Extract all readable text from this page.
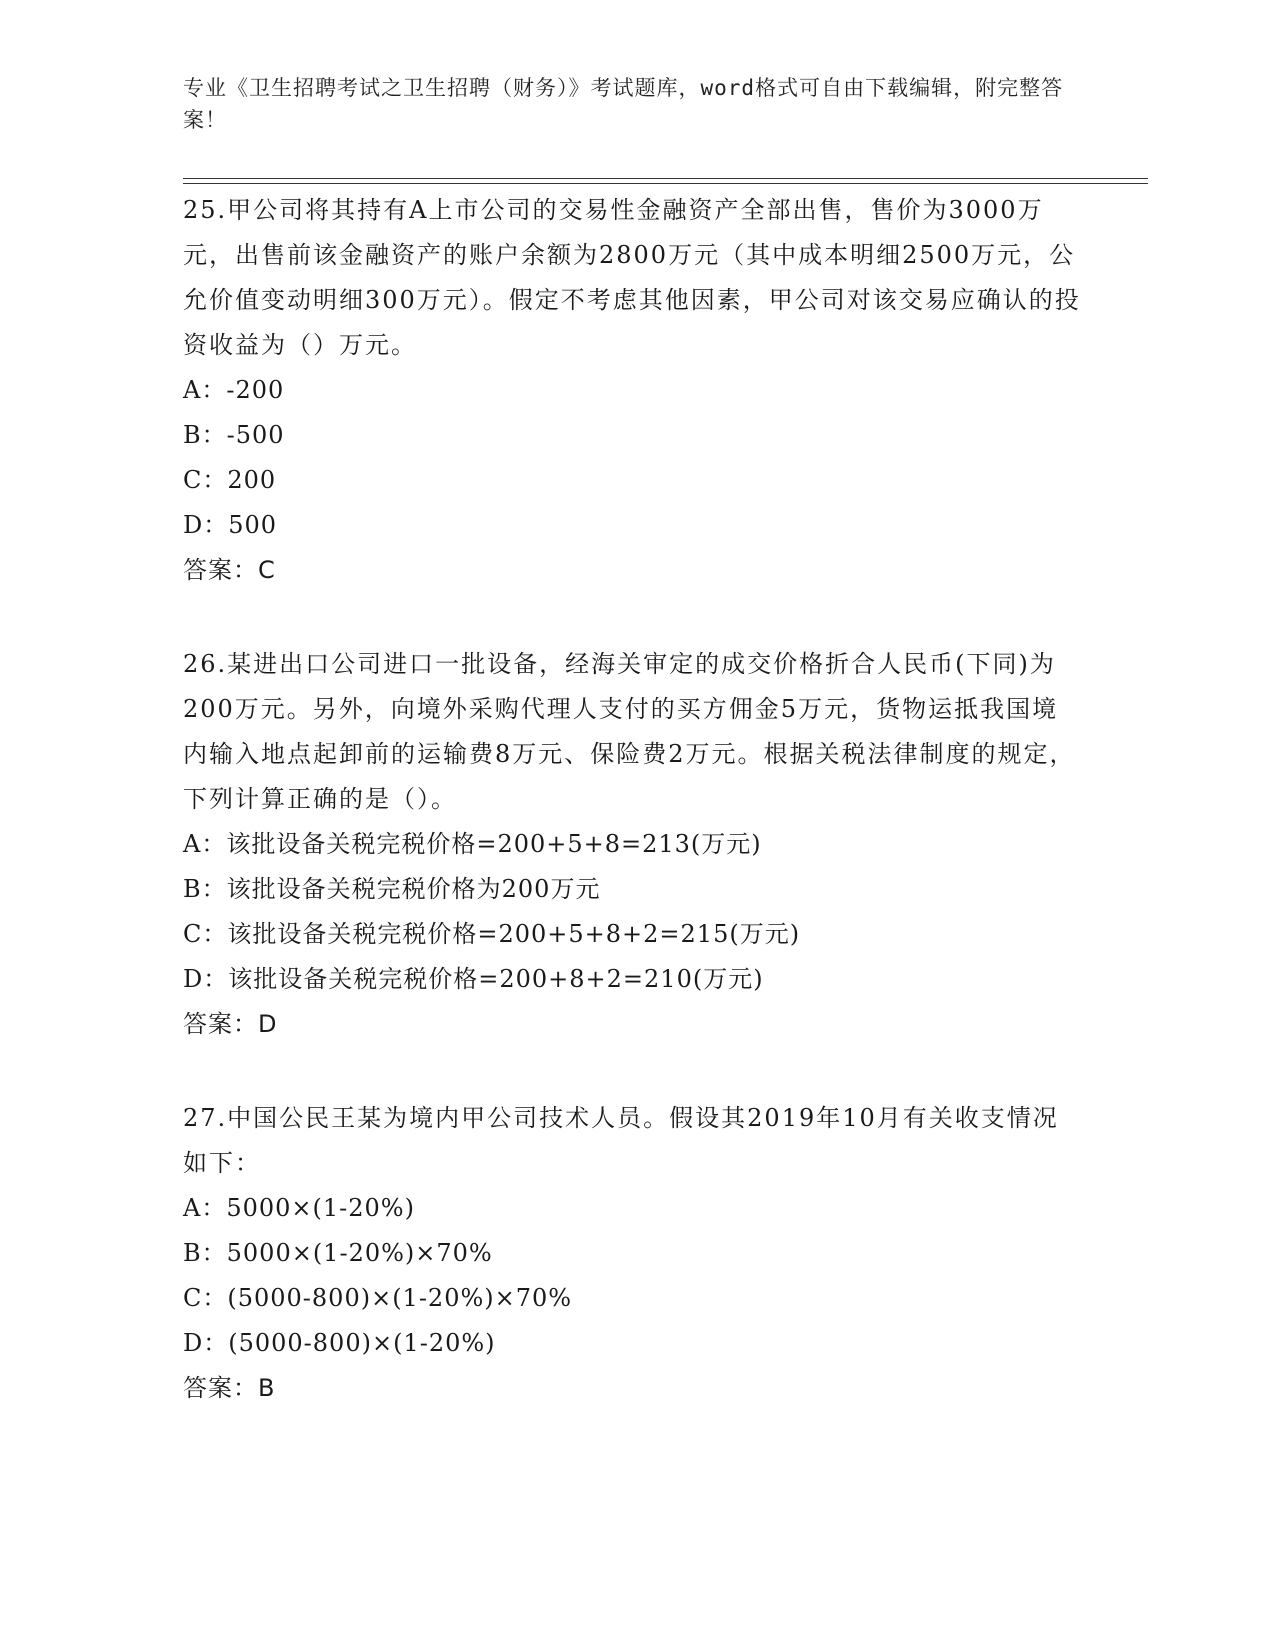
专业《卫生招聘考试之卫生招聘（财务）》考试题库，word格式可自由下载编辑，附完整答案！

25.甲公司将其持有A上市公司的交易性金融资产全部出售，售价为3000万元，出售前该金融资产的账户余额为2800万元（其中成本明细2500万元，公允价值变动明细300万元）。假定不考虑其他因素，甲公司对该交易应确认的投资收益为（）万元。

A：-200

B：-500

C：200

D：500

答案：C

26.某进出口公司进口一批设备，经海关审定的成交价格折合人民币(下同)为200万元。另外，向境外采购代理人支付的买方佣金5万元，货物运抵我国境内输入地点起卸前的运输费8万元、保险费2万元。根据关税法律制度的规定，下列计算正确的是（）。

A：该批设备关税完税价格=200+5+8=213(万元)

B：该批设备关税完税价格为200万元

C：该批设备关税完税价格=200+5+8+2=215(万元)

D：该批设备关税完税价格=200+8+2=210(万元)

答案：D

27.中国公民王某为境内甲公司技术人员。假设其2019年10月有关收支情况如下：

A：5000×(1-20%)

B：5000×(1-20%)×70%

C：(5000-800)×(1-20%)×70%

D：(5000-800)×(1-20%)

答案：B
